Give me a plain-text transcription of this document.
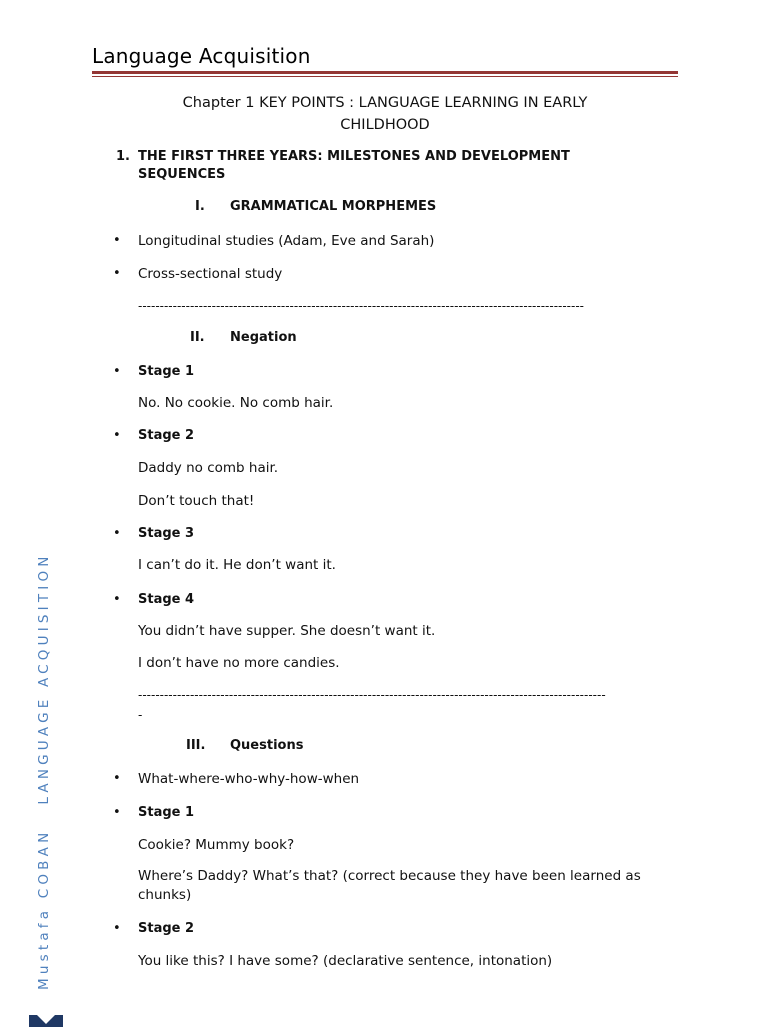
Language Acquisition
Chapter 1 KEY POINTS : LANGUAGE LEARNING IN EARLY
CHILDHOOD
1. THE FIRST THREE YEARS: MILESTONES AND DEVELOPMENT
SEQUENCES
I. GRAMMATICAL MORPHEMES
• Longitudinal studies (Adam, Eve and Sarah)
• Cross-sectional study
-------------------------------------------------------------------------------------------------------
II. Negation
• Stage 1
No. No cookie. No comb hair.
• Stage 2
Daddy no comb hair.
Don’t touch that!
• Stage 3
I can’t do it. He don’t want it.
• Stage 4
You didn’t have supper. She doesn’t want it.
I don’t have no more candies.
------------------------------------------------------------------------------------------------------------
-
III. Questions
• What-where-who-why-how-when
• Stage 1
Cookie? Mummy book?
Where’s Daddy? What’s that? (correct because they have been learned as chunks)
• Stage 2
You like this? I have some? (declarative sentence, intonation)
Mustafa COBANLANGUAGE ACQUISITION
